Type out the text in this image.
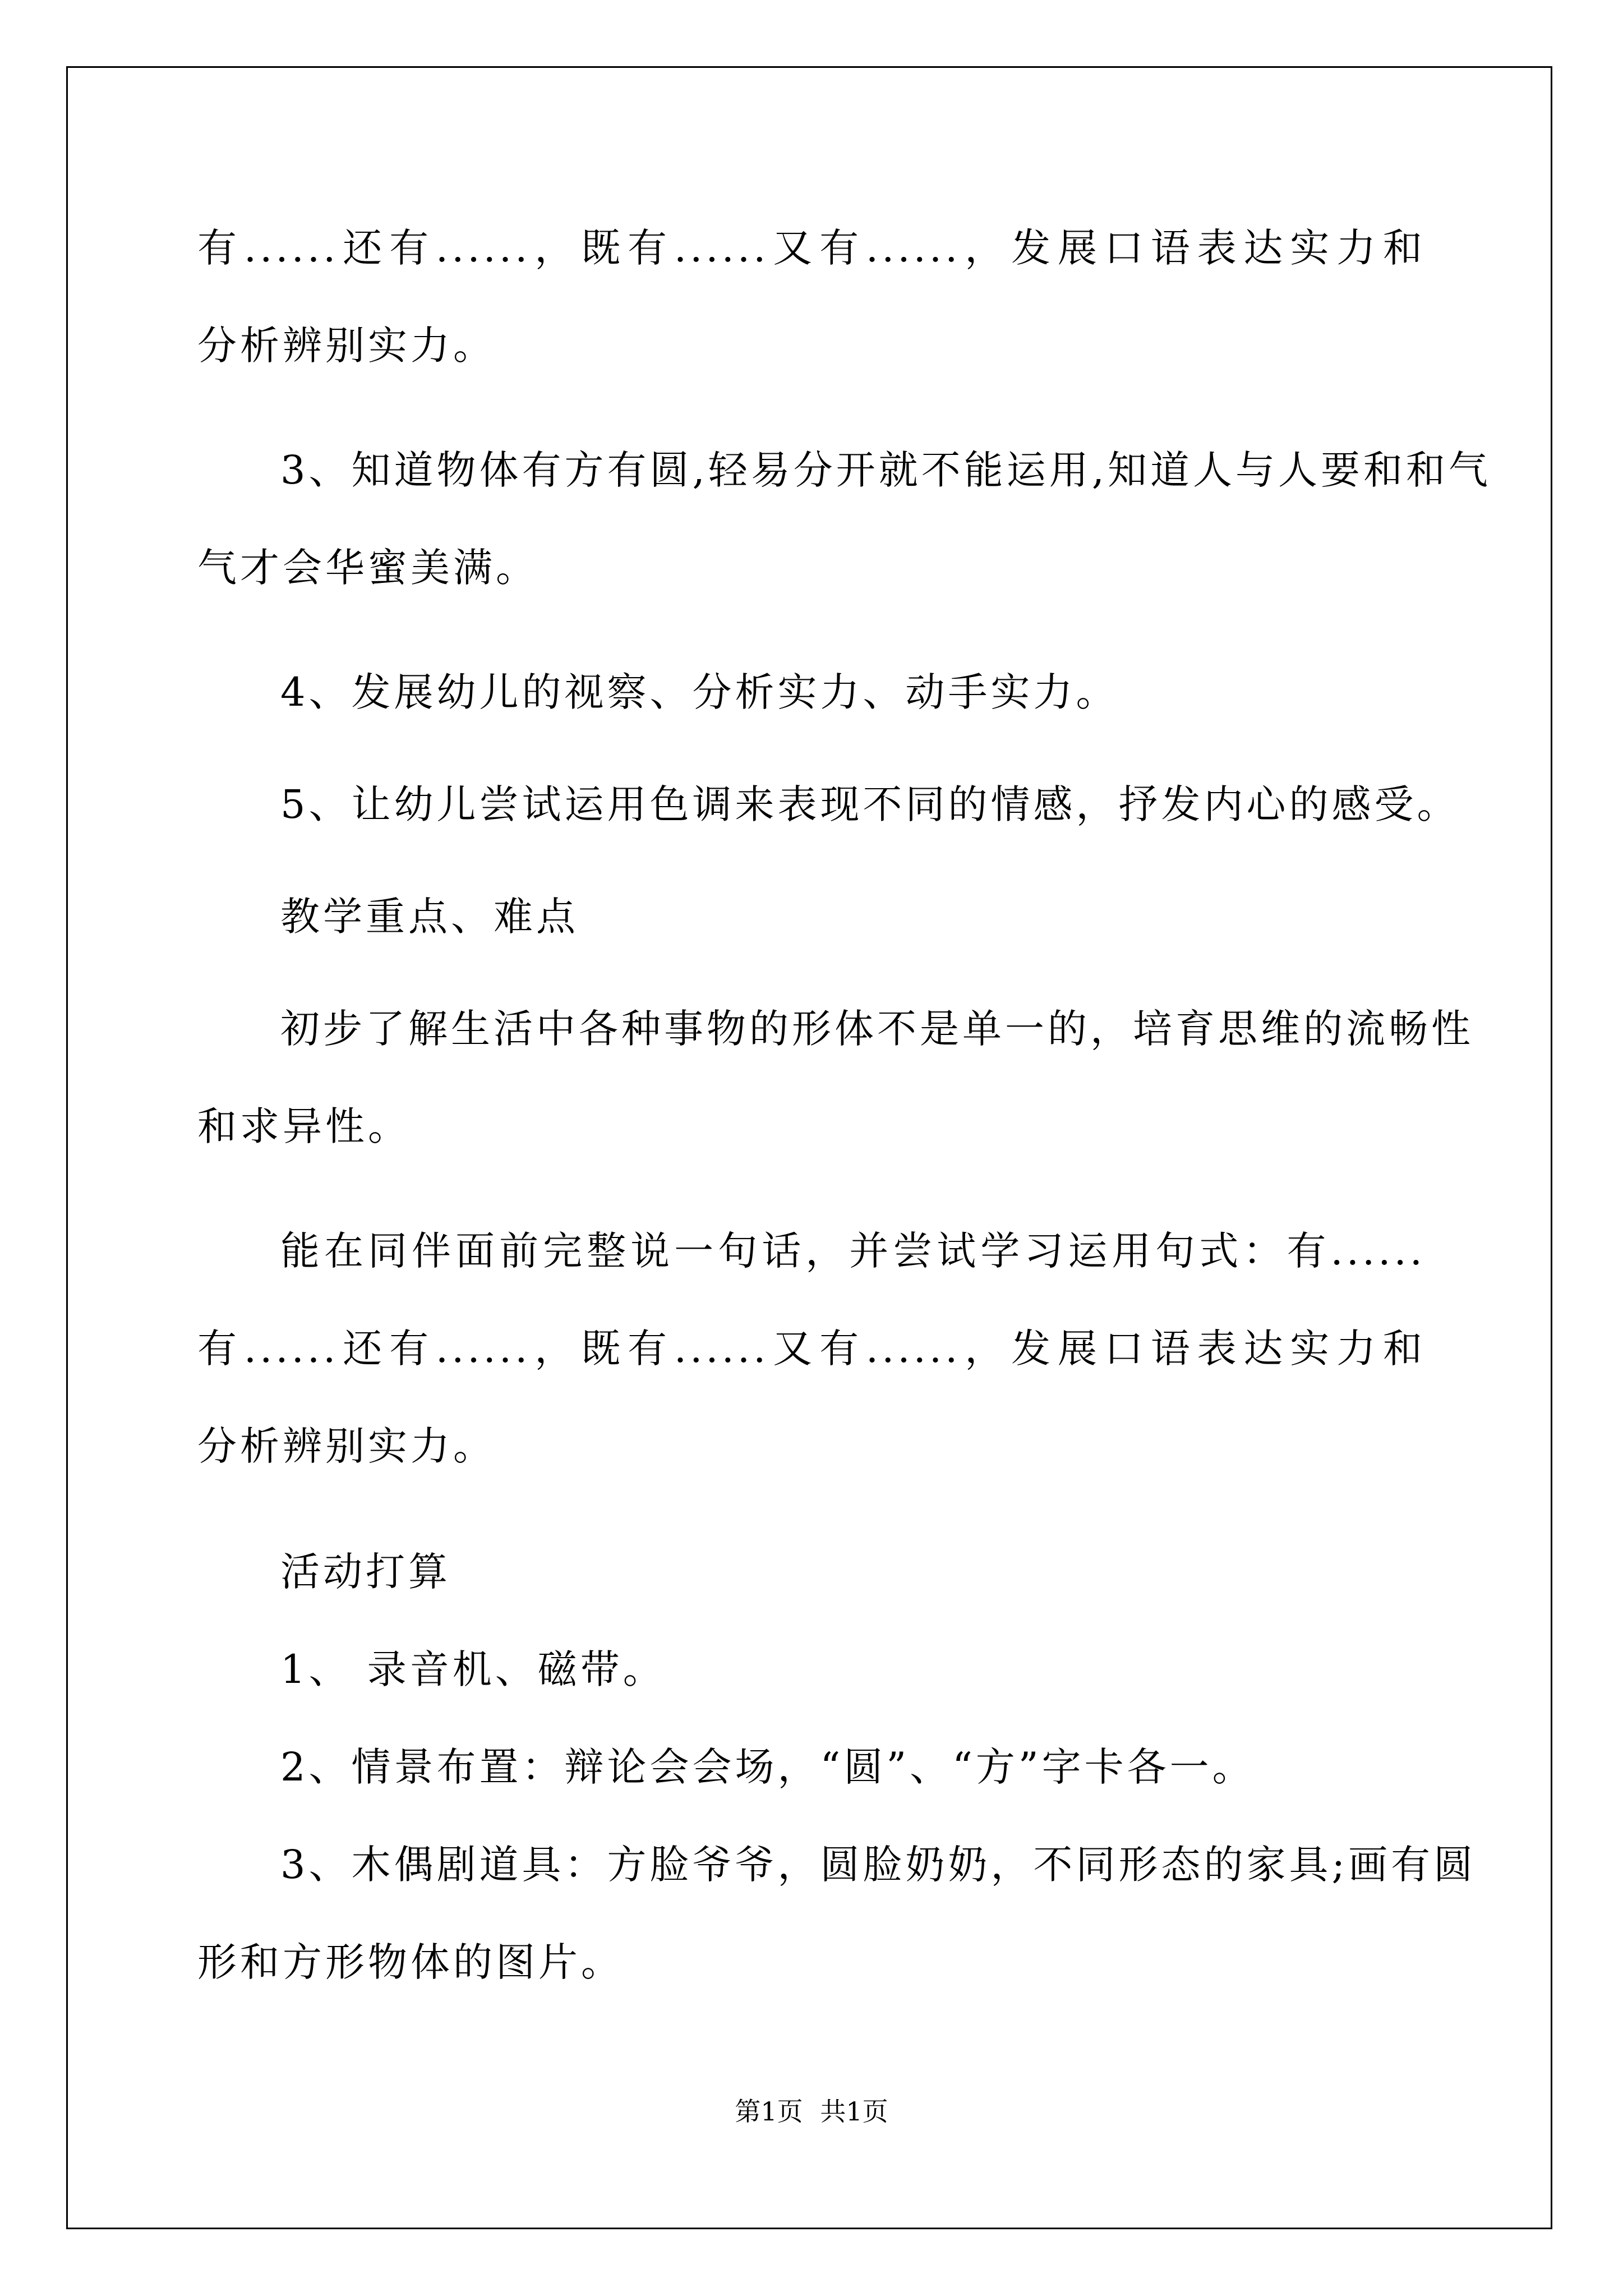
有......还有......，既有......又有......，发展口语表达实力和
分析辨别实力。
3、知道物体有方有圆,轻易分开就不能运用,知道人与人要和和气
气才会华蜜美满。
4、发展幼儿的视察、分析实力、动手实力。
5、让幼儿尝试运用色调来表现不同的情感，抒发内心的感受。
教学重点、难点
初步了解生活中各种事物的形体不是单一的，培育思维的流畅性
和求异性。
能在同伴面前完整说一句话，并尝试学习运用句式：有......
有......还有......，既有......又有......，发展口语表达实力和
分析辨别实力。
活动打算
1、 录音机、磁带。
2、情景布置：辩论会会场，“圆”、“方”字卡各一。
3、木偶剧道具：方脸爷爷，圆脸奶奶，不同形态的家具;画有圆
形和方形物体的图片。
第1页 共1页
